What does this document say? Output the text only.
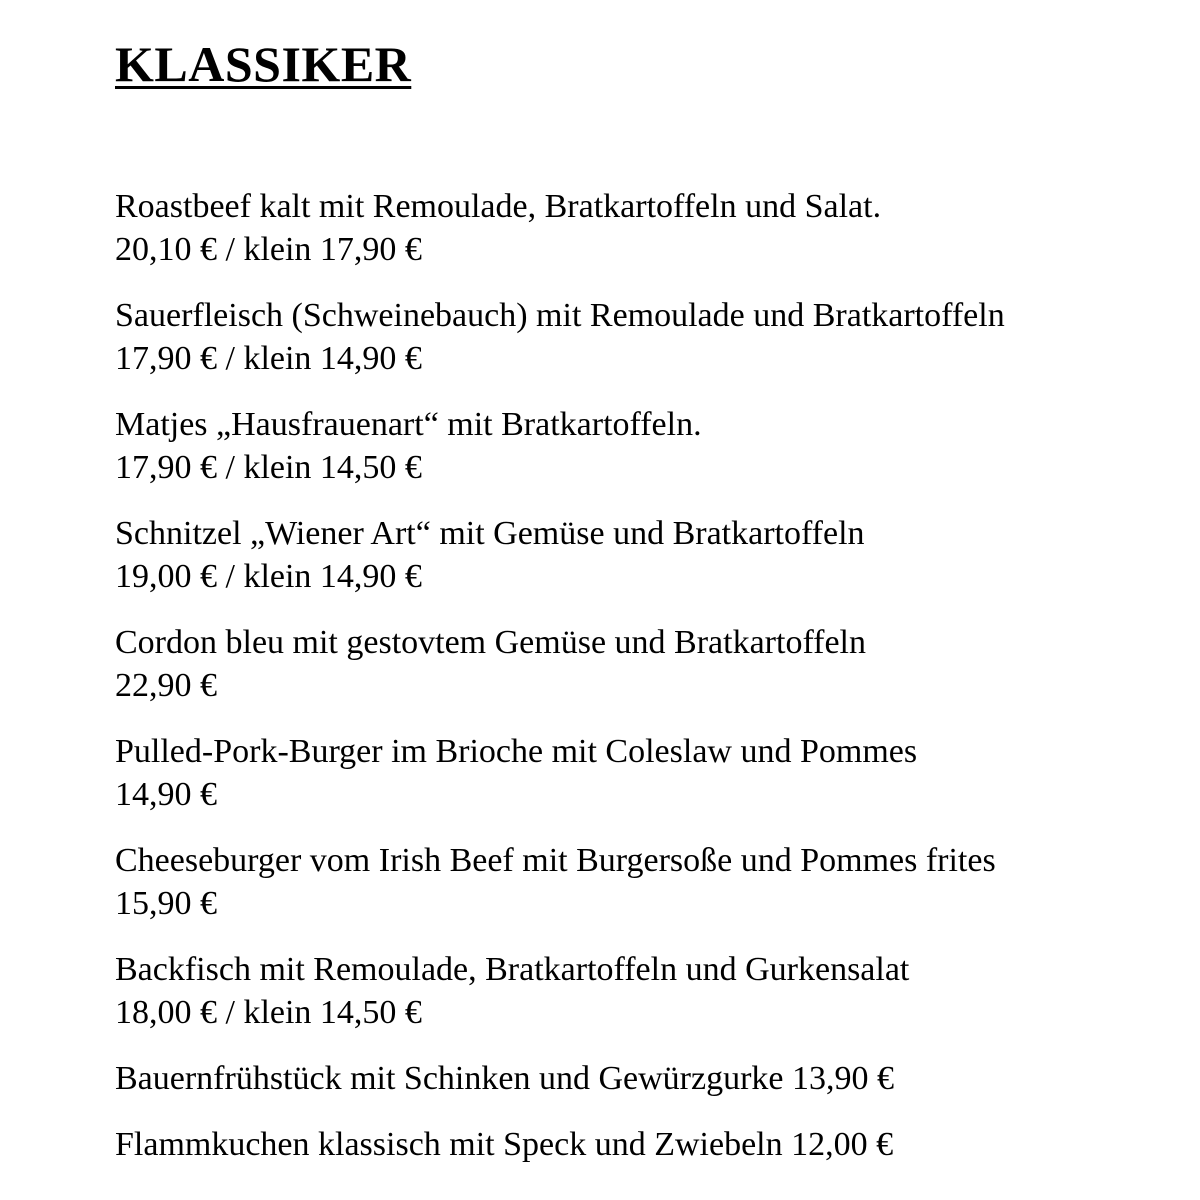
KLASSIKER
Roastbeef kalt mit Remoulade, Bratkartoffeln und Salat.
20,10 € / klein 17,90 €
Sauerfleisch (Schweinebauch) mit Remoulade und Bratkartoffeln
17,90 € / klein 14,90 €
Matjes „Hausfrauenart“ mit Bratkartoffeln.
17,90 € / klein 14,50 €
Schnitzel „Wiener Art“ mit Gemüse und Bratkartoffeln
19,00 € / klein 14,90 €
Cordon bleu mit gestovtem Gemüse und Bratkartoffeln
22,90 €
Pulled-Pork-Burger im Brioche mit Coleslaw und Pommes
14,90 €
Cheeseburger vom Irish Beef mit Burgersoße und Pommes frites
15,90 €
Backfisch mit Remoulade, Bratkartoffeln und Gurkensalat
18,00 € / klein 14,50 €
Bauernfrühstück mit Schinken und Gewürzgurke 13,90 €
Flammkuchen klassisch mit Speck und Zwiebeln 12,00 €
